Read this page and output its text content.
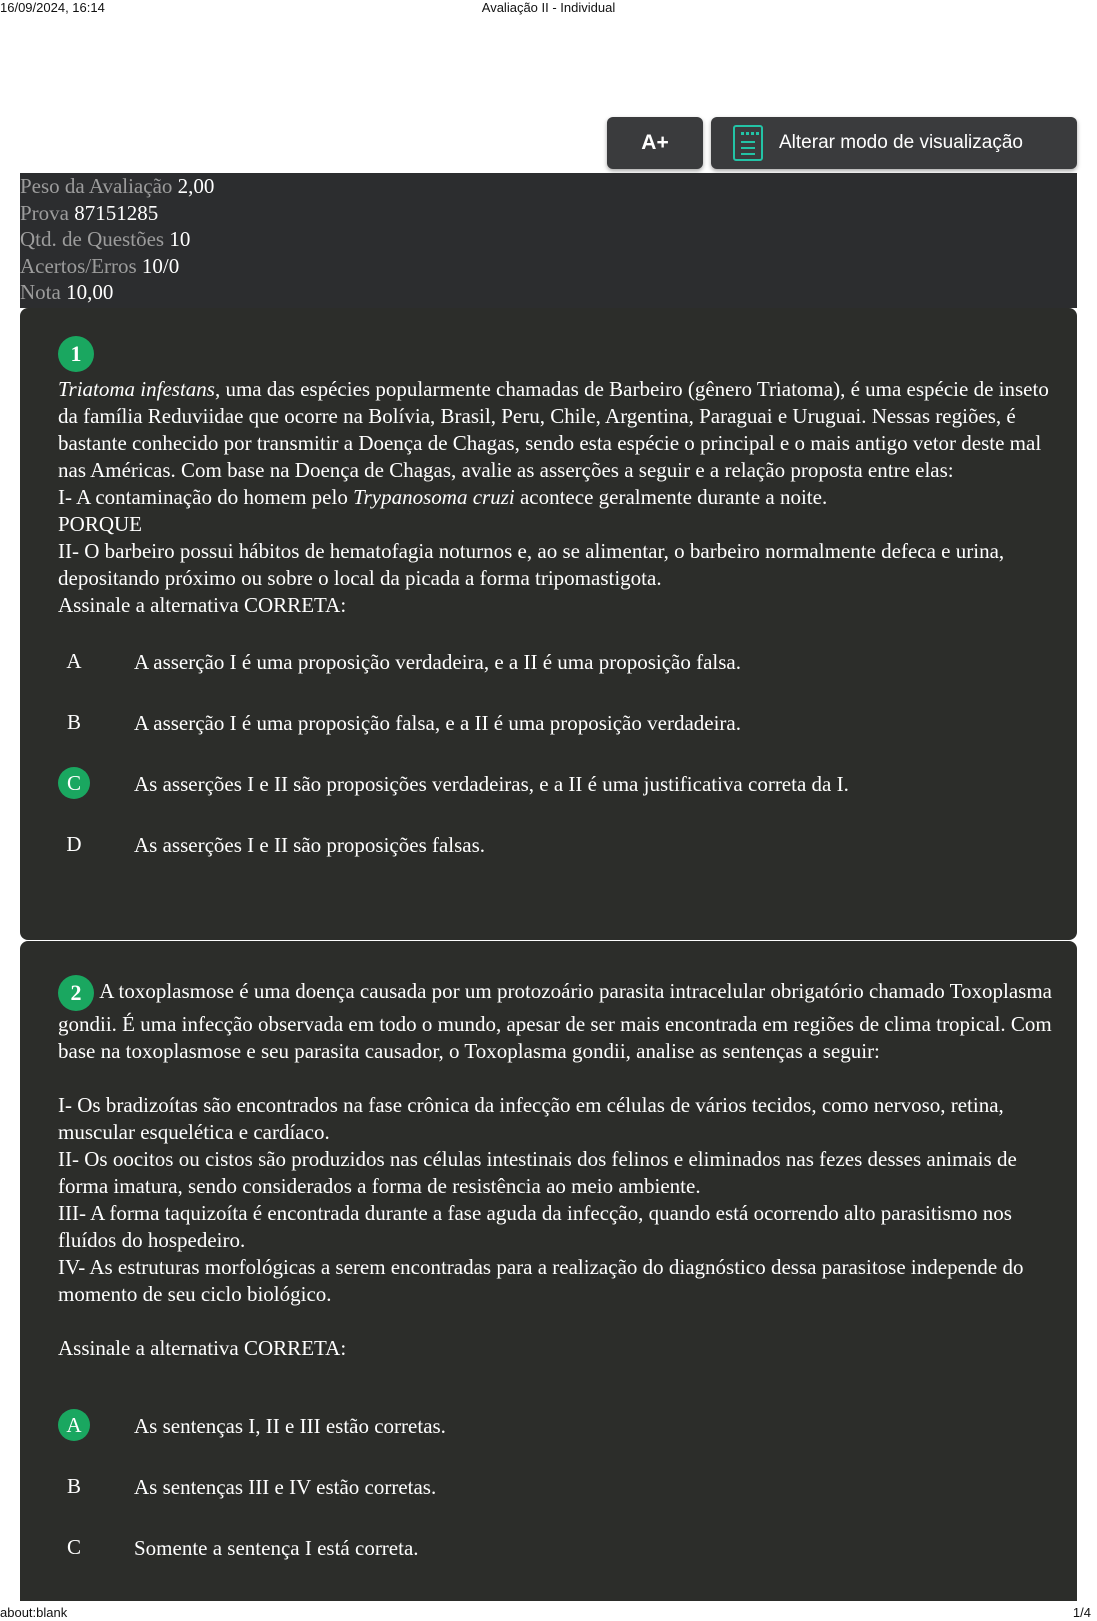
16/09/2024, 16:14	Avaliação II - Individual
A+	Alterar modo de visualização
Peso da Avaliação 2,00
Prova 87151285
Qtd. de Questões 10
Acertos/Erros 10/0
Nota 10,00
1
Triatoma infestans, uma das espécies popularmente chamadas de Barbeiro (gênero Triatoma), é uma espécie de inseto da família Reduviidae que ocorre na Bolívia, Brasil, Peru, Chile, Argentina, Paraguai e Uruguai. Nessas regiões, é bastante conhecido por transmitir a Doença de Chagas, sendo esta espécie o principal e o mais antigo vetor deste mal nas Américas. Com base na Doença de Chagas, avalie as asserções a seguir e a relação proposta entre elas:
I- A contaminação do homem pelo Trypanosoma cruzi acontece geralmente durante a noite.
PORQUE
II- O barbeiro possui hábitos de hematofagia noturnos e, ao se alimentar, o barbeiro normalmente defeca e urina, depositando próximo ou sobre o local da picada a forma tripomastigota.
Assinale a alternativa CORRETA:
A	A asserção I é uma proposição verdadeira, e a II é uma proposição falsa.
B	A asserção I é uma proposição falsa, e a II é uma proposição verdadeira.
C	As asserções I e II são proposições verdadeiras, e a II é uma justificativa correta da I.
D	As asserções I e II são proposições falsas.
2 A toxoplasmose é uma doença causada por um protozoário parasita intracelular obrigatório chamado Toxoplasma gondii. É uma infecção observada em todo o mundo, apesar de ser mais encontrada em regiões de clima tropical. Com base na toxoplasmose e seu parasita causador, o Toxoplasma gondii, analise as sentenças a seguir:
I- Os bradizoítas são encontrados na fase crônica da infecção em células de vários tecidos, como nervoso, retina, muscular esquelética e cardíaco.
II- Os oocitos ou cistos são produzidos nas células intestinais dos felinos e eliminados nas fezes desses animais de forma imatura, sendo considerados a forma de resistência ao meio ambiente.
III- A forma taquizoíta é encontrada durante a fase aguda da infecção, quando está ocorrendo alto parasitismo nos fluídos do hospedeiro.
IV- As estruturas morfológicas a serem encontradas para a realização do diagnóstico dessa parasitose independe do momento de seu ciclo biológico.
Assinale a alternativa CORRETA:
A	As sentenças I, II e III estão corretas.
B	As sentenças III e IV estão corretas.
C	Somente a sentença I está correta.
about:blank	1/4
